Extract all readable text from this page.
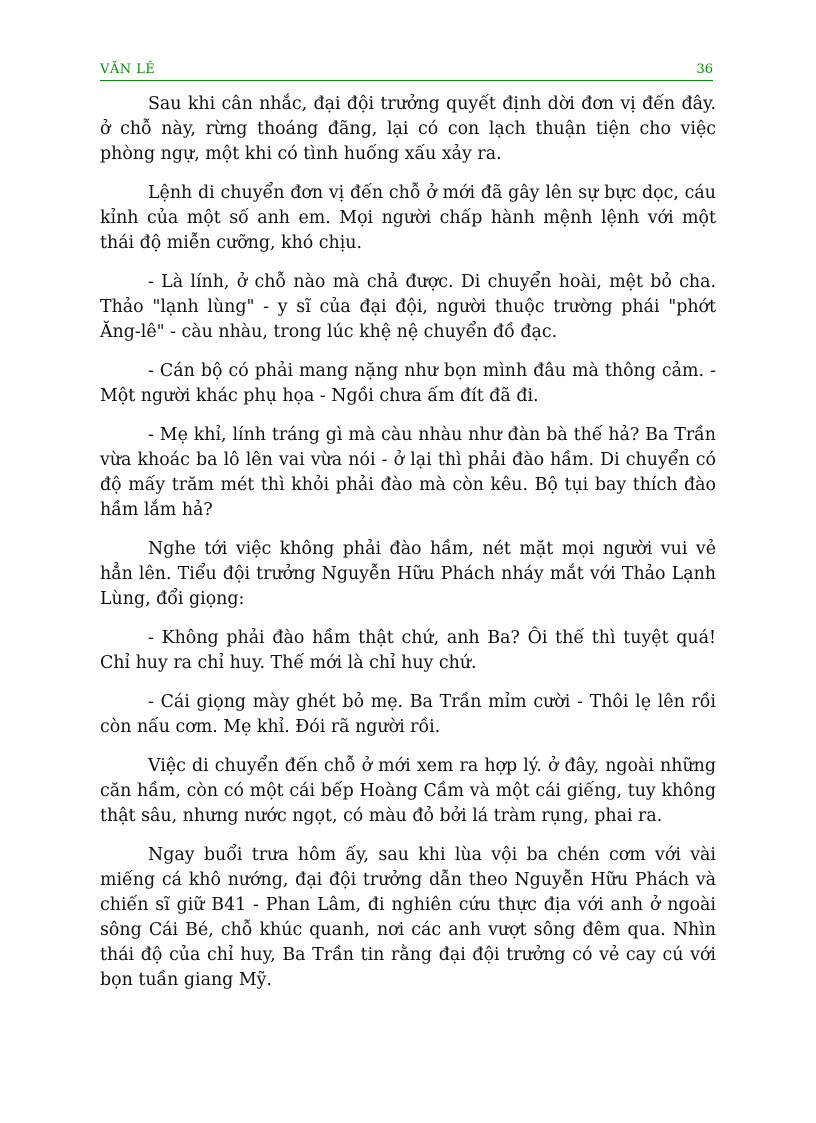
VĂN LÊ	36

Sau khi cân nhắc, đại đội trưởng quyết định dời đơn vị đến đây. ở chỗ này, rừng thoáng đãng, lại có con lạch thuận tiện cho việc phòng ngự, một khi có tình huống xấu xảy ra.

Lệnh di chuyển đơn vị đến chỗ ở mới đã gây lên sự bực dọc, cáu kỉnh của một số anh em. Mọi người chấp hành mệnh lệnh với một thái độ miễn cưỡng, khó chịu.

- Là lính, ở chỗ nào mà chả được. Di chuyển hoài, mệt bỏ cha. Thảo "lạnh lùng" - y sĩ của đại đội, người thuộc trường phái "phớt Ăng-lê" - càu nhàu, trong lúc khệ nệ chuyển đồ đạc.

- Cán bộ có phải mang nặng như bọn mình đâu mà thông cảm. - Một người khác phụ họa - Ngồi chưa ấm đít đã đi.

- Mẹ khỉ, lính tráng gì mà càu nhàu như đàn bà thế hả? Ba Trần vừa khoác ba lô lên vai vừa nói - ở lại thì phải đào hầm. Di chuyển có độ mấy trăm mét thì khỏi phải đào mà còn kêu. Bộ tụi bay thích đào hầm lắm hả?

Nghe tới việc không phải đào hầm, nét mặt mọi người vui vẻ hẳn lên. Tiểu đội trưởng Nguyễn Hữu Phách nháy mắt với Thảo Lạnh Lùng, đổi giọng:

- Không phải đào hầm thật chứ, anh Ba? Ôi thế thì tuyệt quá! Chỉ huy ra chỉ huy. Thế mới là chỉ huy chứ.

- Cái giọng mày ghét bỏ mẹ. Ba Trần mỉm cười - Thôi lẹ lên rồi còn nấu cơm. Mẹ khỉ. Đói rã người rồi.

Việc di chuyển đến chỗ ở mới xem ra hợp lý. ở đây, ngoài những căn hầm, còn có một cái bếp Hoàng Cầm và một cái giếng, tuy không thật sâu, nhưng nước ngọt, có màu đỏ bởi lá tràm rụng, phai ra.

Ngay buổi trưa hôm ấy, sau khi lùa vội ba chén cơm với vài miếng cá khô nướng, đại đội trưởng dẫn theo Nguyễn Hữu Phách và chiến sĩ giữ B41 - Phan Lâm, đi nghiên cứu thực địa với anh ở ngoài sông Cái Bé, chỗ khúc quanh, nơi các anh vượt sông đêm qua. Nhìn thái độ của chỉ huy, Ba Trần tin rằng đại đội trưởng có vẻ cay cú với bọn tuần giang Mỹ.
